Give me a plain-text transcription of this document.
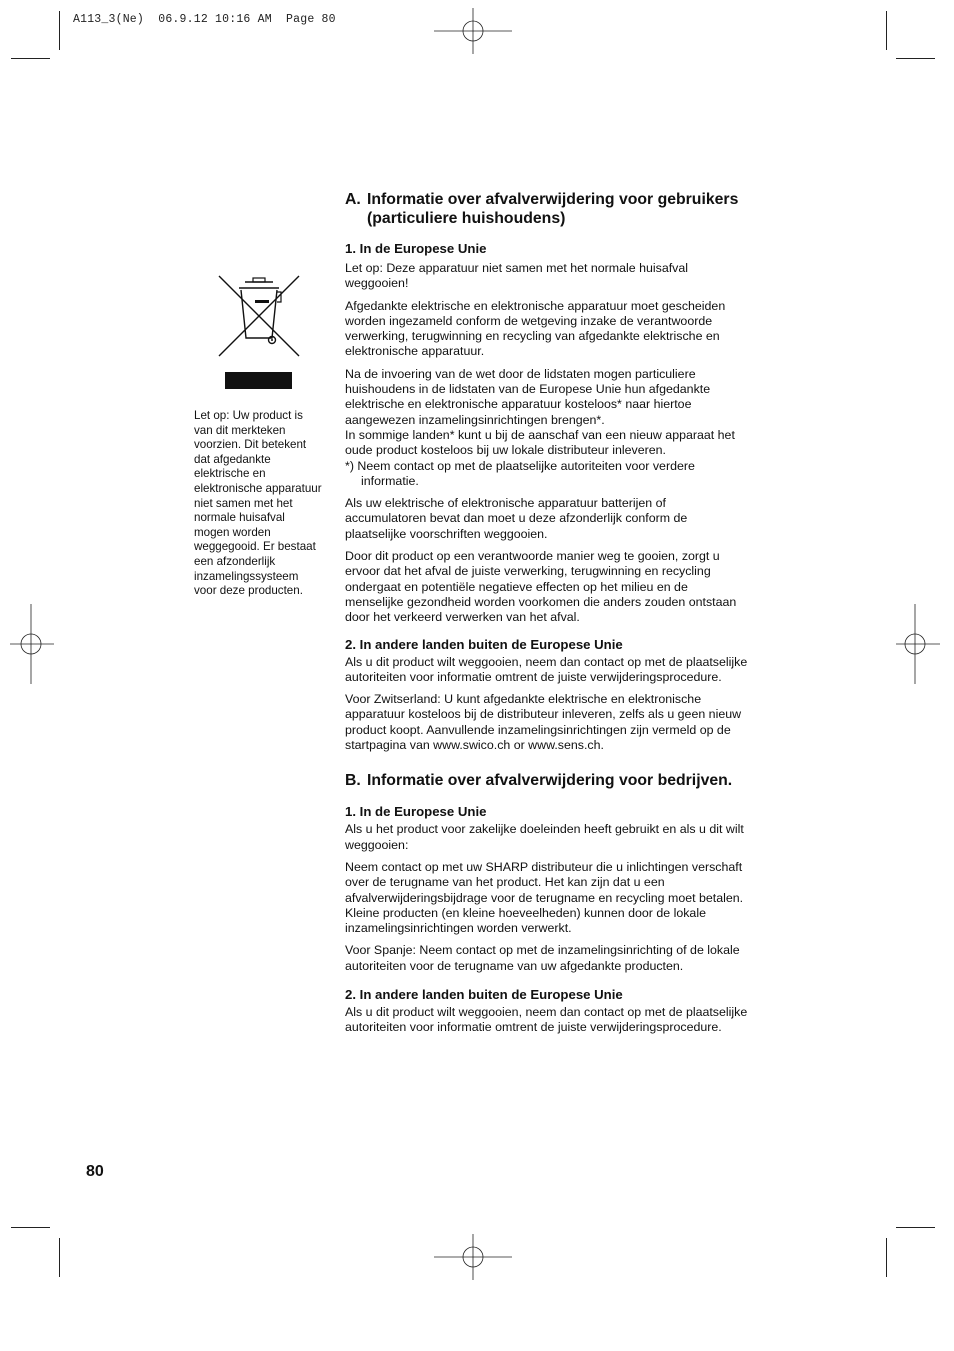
A113_3(Ne)  06.9.12 10:16 AM  Page 80
Let op: Uw product is
van dit merkteken
voorzien. Dit betekent
dat afgedankte
elektrische en
elektronische apparatuur
niet samen met het
normale huisafval
mogen worden
weggegooid. Er bestaat
een afzonderlijk
inzamelingssysteem
voor deze producten.
A. Informatie over afvalverwijdering voor gebruikers
(particuliere huishoudens)
1. In de Europese Unie
Let op: Deze apparatuur niet samen met het normale huisafval
weggooien!
Afgedankte elektrische en elektronische apparatuur moet gescheiden
worden ingezameld conform de wetgeving inzake de verantwoorde
verwerking, terugwinning en recycling van afgedankte elektrische en
elektronische apparatuur.
Na de invoering van de wet door de lidstaten mogen particuliere
huishoudens in de lidstaten van de Europese Unie hun afgedankte
elektrische en elektronische apparatuur kosteloos* naar hiertoe
aangewezen inzamelingsinrichtingen brengen*.
In sommige landen* kunt u bij de aanschaf van een nieuw apparaat het
oude product kosteloos bij uw lokale distributeur inleveren.
*) Neem contact op met de plaatselijke autoriteiten voor verdere
informatie.
Als uw elektrische of elektronische apparatuur batterijen of
accumulatoren bevat dan moet u deze afzonderlijk conform de
plaatselijke voorschriften weggooien.
Door dit product op een verantwoorde manier weg te gooien, zorgt u
ervoor dat het afval de juiste verwerking, terugwinning en recycling
ondergaat en potentiële negatieve effecten op het milieu en de
menselijke gezondheid worden voorkomen die anders zouden ontstaan
door het verkeerd verwerken van het afval.
2. In andere landen buiten de Europese Unie
Als u dit product wilt weggooien, neem dan contact op met de plaatselijke
autoriteiten voor informatie omtrent de juiste verwijderingsprocedure.
Voor Zwitserland: U kunt afgedankte elektrische en elektronische
apparatuur kosteloos bij de distributeur inleveren, zelfs als u geen nieuw
product koopt. Aanvullende inzamelingsinrichtingen zijn vermeld op de
startpagina van www.swico.ch or www.sens.ch.
B. Informatie over afvalverwijdering voor bedrijven.
1. In de Europese Unie
Als u het product voor zakelijke doeleinden heeft gebruikt en als u dit wilt
weggooien:
Neem contact op met uw SHARP distributeur die u inlichtingen verschaft
over de terugname van het product. Het kan zijn dat u een
afvalverwijderingsbijdrage voor de terugname en recycling moet betalen.
Kleine producten (en kleine hoeveelheden) kunnen door de lokale
inzamelingsinrichtingen worden verwerkt.
Voor Spanje: Neem contact op met de inzamelingsinrichting of de lokale
autoriteiten voor de terugname van uw afgedankte producten.
2. In andere landen buiten de Europese Unie
Als u dit product wilt weggooien, neem dan contact op met de plaatselijke
autoriteiten voor informatie omtrent de juiste verwijderingsprocedure.
80
